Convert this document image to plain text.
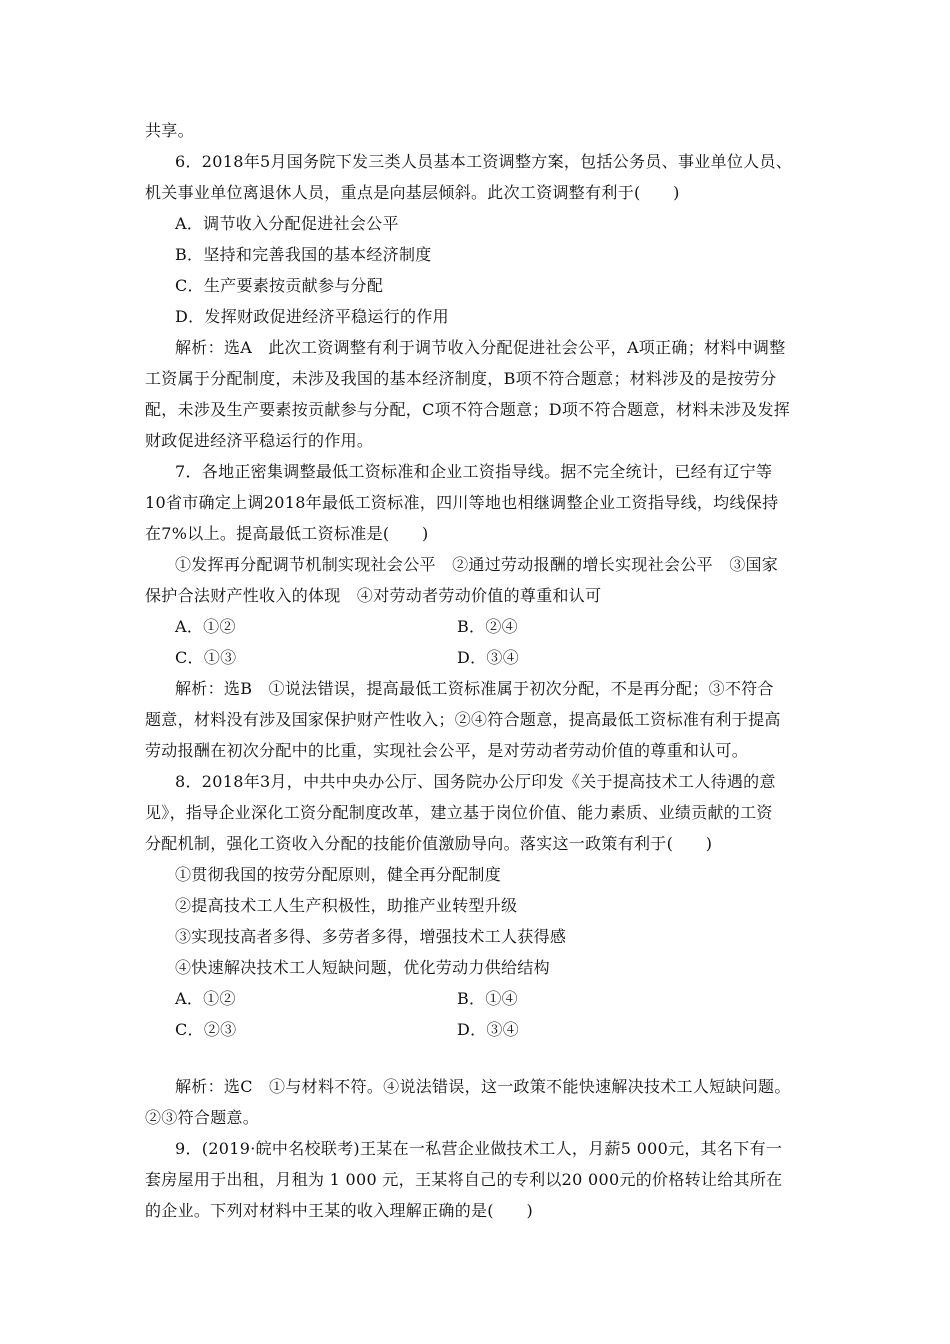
共享。
6．2018年5月国务院下发三类人员基本工资调整方案，包括公务员、事业单位人员、
机关事业单位离退休人员，重点是向基层倾斜。此次工资调整有利于(　　)
A．调节收入分配促进社会公平
B．坚持和完善我国的基本经济制度
C．生产要素按贡献参与分配
D．发挥财政促进经济平稳运行的作用
解析：选A　此次工资调整有利于调节收入分配促进社会公平，A项正确；材料中调整
工资属于分配制度，未涉及我国的基本经济制度，B项不符合题意；材料涉及的是按劳分
配，未涉及生产要素按贡献参与分配，C项不符合题意；D项不符合题意，材料未涉及发挥
财政促进经济平稳运行的作用。
7．各地正密集调整最低工资标准和企业工资指导线。据不完全统计，已经有辽宁等
10省市确定上调2018年最低工资标准，四川等地也相继调整企业工资指导线，均线保持
在7%以上。提高最低工资标准是(　　)
①发挥再分配调节机制实现社会公平　②通过劳动报酬的增长实现社会公平　③国家
保护合法财产性收入的体现　④对劳动者劳动价值的尊重和认可
A．①②	B．②④
C．①③	D．③④
解析：选B　①说法错误，提高最低工资标准属于初次分配，不是再分配；③不符合
题意，材料没有涉及国家保护财产性收入；②④符合题意，提高最低工资标准有利于提高
劳动报酬在初次分配中的比重，实现社会公平，是对劳动者劳动价值的尊重和认可。
8．2018年3月，中共中央办公厅、国务院办公厅印发《关于提高技术工人待遇的意
见》，指导企业深化工资分配制度改革，建立基于岗位价值、能力素质、业绩贡献的工资
分配机制，强化工资收入分配的技能价值激励导向。落实这一政策有利于(　　)
①贯彻我国的按劳分配原则，健全再分配制度
②提高技术工人生产积极性，助推产业转型升级
③实现技高者多得、多劳者多得，增强技术工人获得感
④快速解决技术工人短缺问题，优化劳动力供给结构
A．①②	B．①④
C．②③	D．③④
解析：选C　①与材料不符。④说法错误，这一政策不能快速解决技术工人短缺问题。
②③符合题意。
9．(2019·皖中名校联考)王某在一私营企业做技术工人，月薪5 000元，其名下有一
套房屋用于出租，月租为 1 000 元，王某将自己的专利以20 000元的价格转让给其所在
的企业。下列对材料中王某的收入理解正确的是(　　)
